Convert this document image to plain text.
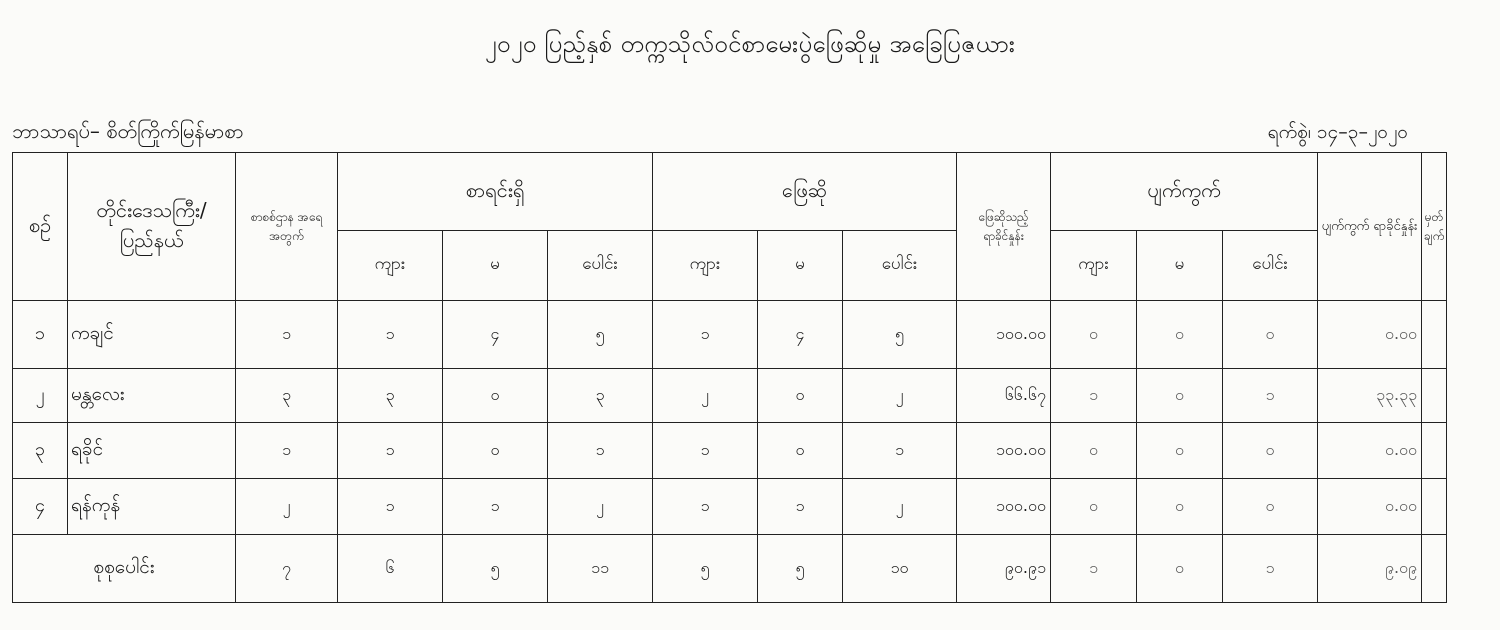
၂၀၂၀ ပြည့်နှစ် တက္ကသိုလ်ဝင်စာမေးပွဲဖြေဆိုမှု အခြေပြဇယား
ဘာသာရပ်– စိတ်ကြိုက်မြန်မာစာ	ရက်စွဲ၊ ၁၄–၃–၂၀၂၀
စဉ်	တိုင်းဒေသကြီး/ပြည်နယ်	စာစစ်ဌာန အရေ အတွက်	စာရင်းရှိ			ဖြေဆို			ဖြေဆိုသည့် ရာခိုင်နှုန်း	ပျက်ကွက်			ပျက်ကွက် ရာခိုင်နှုန်း	မှတ် ချက်
			ကျား	မ	ပေါင်း	ကျား	မ	ပေါင်း		ကျား	မ	ပေါင်း		
၁	ကချင်	၁	၁	၄	၅	၁	၄	၅	၁၀၀.၀၀	၀	၀	၀	၀.၀၀	
၂	မန္တလေး	၃	၃	၀	၃	၂	၀	၂	၆၆.၆၇	၁	၀	၁	၃၃.၃၃	
၃	ရခိုင်	၁	၁	၀	၁	၁	၀	၁	၁၀၀.၀၀	၀	၀	၀	၀.၀၀	
၄	ရန်ကုန်	၂	၁	၁	၂	၁	၁	၂	၁၀၀.၀၀	၀	၀	၀	၀.၀၀	
စုစုပေါင်း		၇	၆	၅	၁၁	၅	၅	၁၀	၉၀.၉၁	၁	၀	၁	၉.၀၉	
